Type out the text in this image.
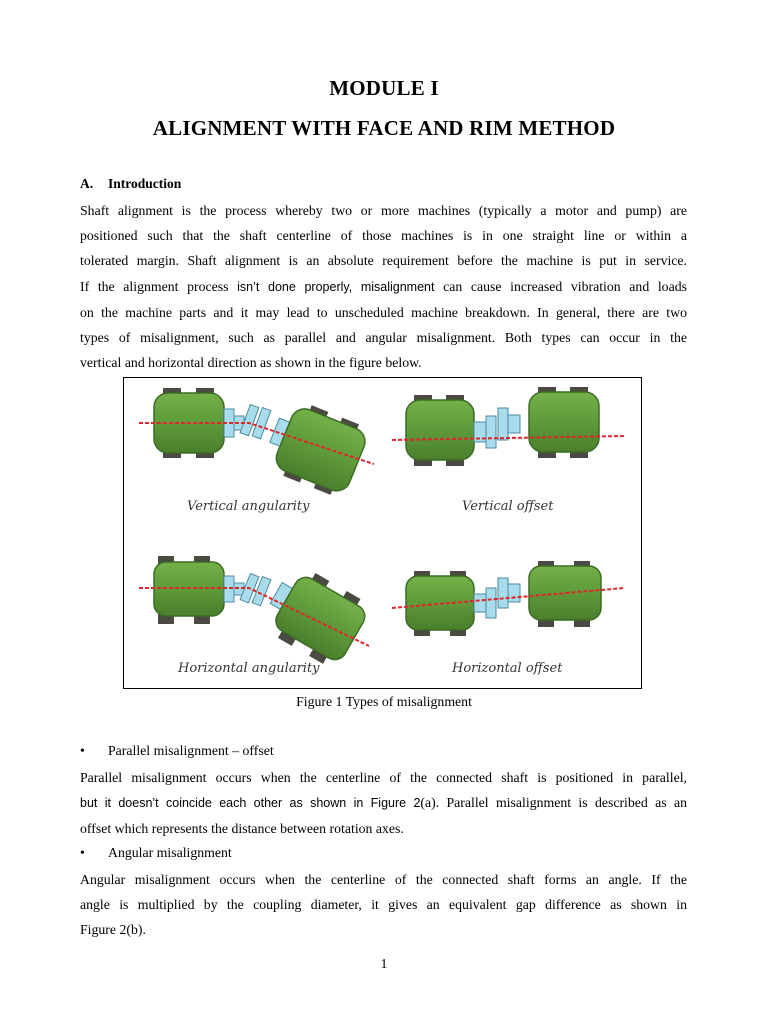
MODULE I
ALIGNMENT WITH FACE AND RIM METHOD
A. Introduction
Shaft alignment is the process whereby two or more machines (typically a motor and pump) are
positioned such that the shaft centerline of those machines is in one straight line or within a
tolerated margin. Shaft alignment is an absolute requirement before the machine is put in service.
If the alignment process isn’t done properly, misalignment can cause increased vibration and loads
on the machine parts and it may lead to unscheduled machine breakdown. In general, there are two
types of misalignment, such as parallel and angular misalignment. Both types can occur in the
vertical and horizontal direction as shown in the figure below.
Vertical angularity	Vertical offset
Horizontal angularity	Horizontal offset
Figure 1 Types of misalignment
• Parallel misalignment – offset
Parallel misalignment occurs when the centerline of the connected shaft is positioned in parallel,
but it doesn’t coincide each other as shown in Figure 2(a). Parallel misalignment is described as an
offset which represents the distance between rotation axes.
• Angular misalignment
Angular misalignment occurs when the centerline of the connected shaft forms an angle. If the
angle is multiplied by the coupling diameter, it gives an equivalent gap difference as shown in
Figure 2(b).
1
